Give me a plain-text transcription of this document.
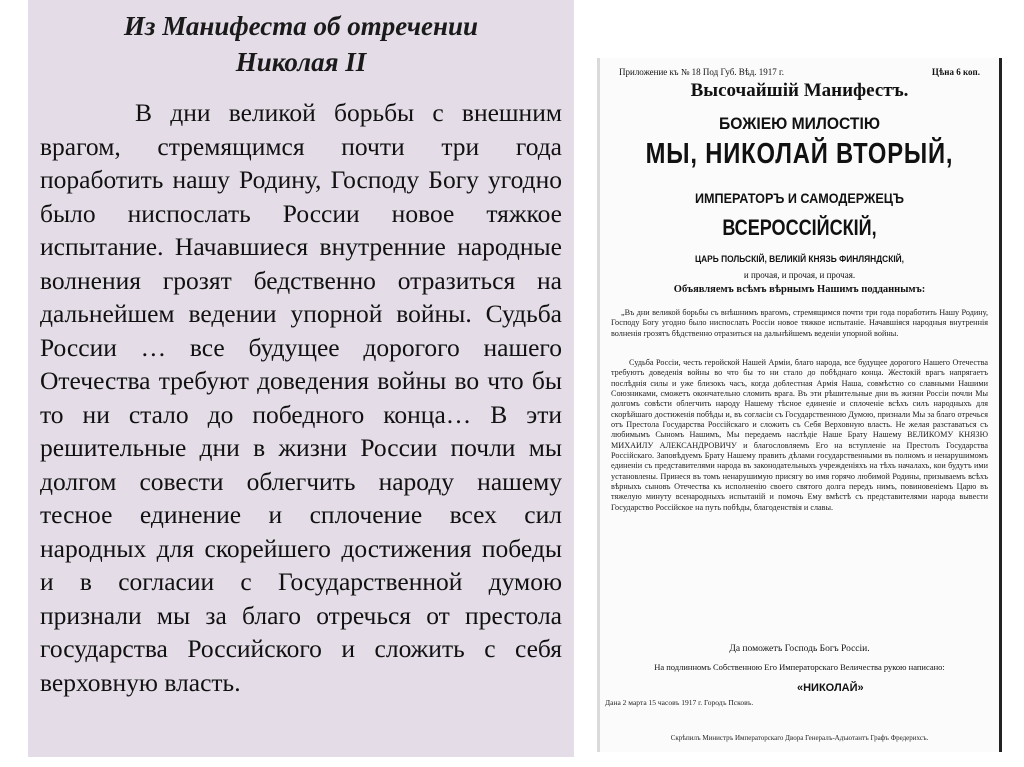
Из Манифеста об отречении
Николая II
В дни великой борьбы с внешним врагом, стремящимся почти три года поработить нашу Родину, Господу Богу угодно было ниспослать России новое тяжкое испытание. Начавшиеся внутренние народные волнения грозят бедственно отразиться на дальнейшем ведении упорной войны. Судьба России … все будущее дорогого нашего Отечества требуют доведения войны во что бы то ни стало до победного конца… В эти решительные дни в жизни России почли мы долгом совести облегчить народу нашему тесное единение и сплочение всех сил народных для скорейшего достижения победы и в согласии с Государственной думою признали мы за благо отречься от престола государства Российского и сложить с себя верховную власть.
Приложение къ № 18 Под Губ. Вѣд. 1917 г.	Цѣна 6 коп.
Высочайшій Манифестъ.
БОЖІЕЮ МИЛОСТІЮ
МЫ, НИКОЛАЙ ВТОРЫЙ,
ИМПЕРАТОРЪ И САМОДЕРЖЕЦЪ
ВСЕРОССІЙСКІЙ,
ЦАРЬ ПОЛЬСКІЙ, ВЕЛИКІЙ КНЯЗЬ ФИНЛЯНДСКІЙ,
и прочая, и прочая, и прочая.
Объявляемъ всѣмъ вѣрнымъ Нашимъ подданнымъ:
„Въ дни великой борьбы съ внѣшнимъ врагомъ, стремящимся почти три года поработить Нашу Родину, Господу Богу угодно было ниспослать Россіи новое тяжкое испытаніе. Начавшіяся народныя внутреннія волненія грозятъ бѣдственно отразиться на дальнѣйшемъ веденіи упорной войны.
Судьба Россіи, честь геройской Нашей Арміи, благо народа, все будущее дорогого Нашего Отечества требуютъ доведенія войны во что бы то ни стало до побѣднаго конца. Жестокій врагъ напрягаетъ послѣднія силы и уже близокъ часъ, когда доблестная Армія Наша, совмѣстно со славными Нашими Союзниками, сможетъ окончательно сломить врага. Въ эти рѣшительные дни въ жизни Россіи почли Мы долгомъ совѣсти облегчить народу Нашему тѣсное единеніе и сплоченіе всѣхъ силъ народныхъ для скорѣйшаго достиженія побѣды и, въ согласіи съ Государственною Думою, признали Мы за благо отречься отъ Престола Государства Россійскаго и сложить съ Себя Верховную власть. Не желая разставаться съ любимымъ Сыномъ Нашимъ, Мы передаемъ наслѣдіе Наше Брату Нашему ВЕЛИКОМУ КНЯЗЮ МИХАИЛУ АЛЕКСАНДРОВИЧУ и благословляемъ Его на вступленіе на Престолъ Государства Россійскаго. Заповѣдуемъ Брату Нашему править дѣлами государственными въ полномъ и ненарушимомъ единеніи съ представителями народа въ законодательныхъ учрежденіяхъ на тѣхъ началахъ, кои будутъ ими установлены. Принеся въ томъ ненарушимую присягу во имя горячо любимой Родины, призываемъ всѣхъ вѣрныхъ сыновъ Отечества къ исполненію своего святого долга передъ нимъ, повиновеніемъ Царю въ тяжелую минуту всенародныхъ испытаній и помочь Ему вмѣстѣ съ представителями народа вывести Государство Россійское на путь побѣды, благоденствія и славы.
Да поможетъ Господь Богъ Россіи.
На подлинномъ Собственною Его Императорскаго Величества рукою написано:
«НИКОЛАЙ»
Дана 2 марта 15 часовъ 1917 г. Городъ Псковъ.
Скрѣпилъ Министръ Императорскаго Двора Генералъ-Адъютантъ Графъ Фредерихсъ.
